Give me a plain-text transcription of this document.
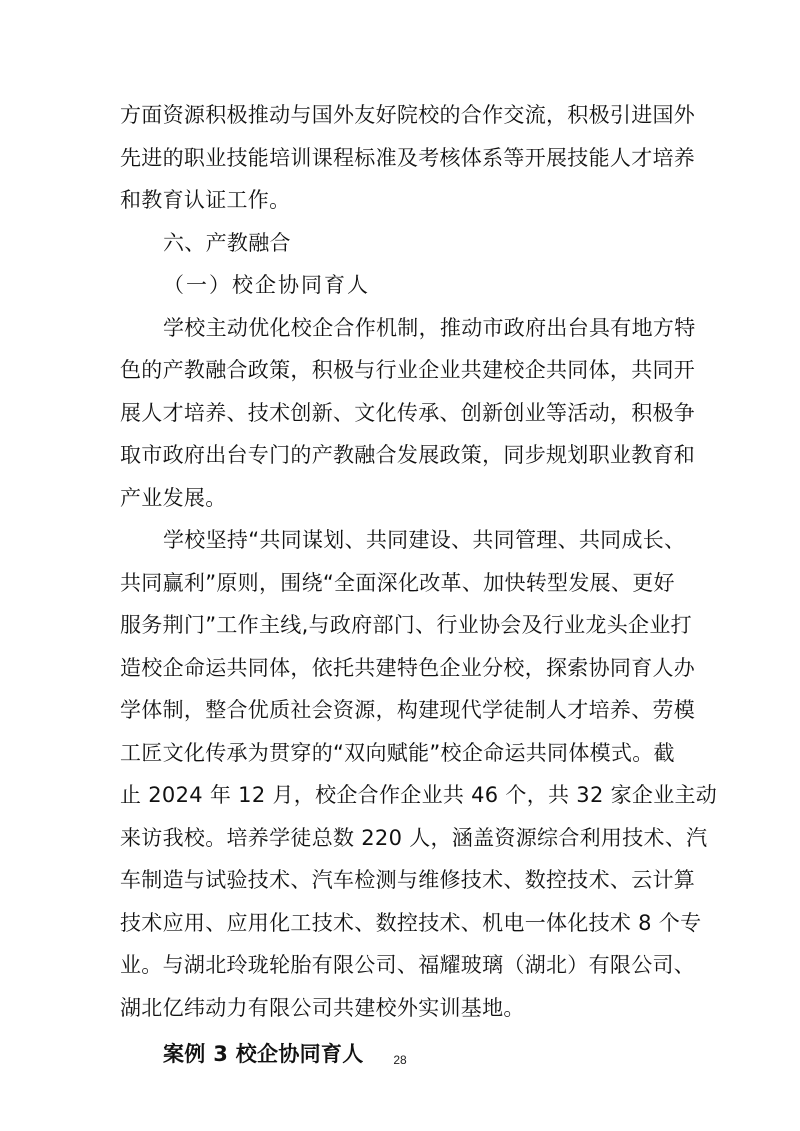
方面资源积极推动与国外友好院校的合作交流，积极引进国外
先进的职业技能培训课程标准及考核体系等开展技能人才培养
和教育认证工作。
六、产教融合
（一）校企协同育人
学校主动优化校企合作机制，推动市政府出台具有地方特
色的产教融合政策，积极与行业企业共建校企共同体，共同开
展人才培养、技术创新、文化传承、创新创业等活动，积极争
取市政府出台专门的产教融合发展政策，同步规划职业教育和
产业发展。
学校坚持“共同谋划、共同建设、共同管理、共同成长、
共同赢利”原则，围绕“全面深化改革、加快转型发展、更好
服务荆门”工作主线,与政府部门、行业协会及行业龙头企业打
造校企命运共同体，依托共建特色企业分校，探索协同育人办
学体制，整合优质社会资源，构建现代学徒制人才培养、劳模
工匠文化传承为贯穿的“双向赋能”校企命运共同体模式。截
止 2024 年 12 月，校企合作企业共 46 个，共 32 家企业主动
来访我校。培养学徒总数 220 人，涵盖资源综合利用技术、汽
车制造与试验技术、汽车检测与维修技术、数控技术、云计算
技术应用、应用化工技术、数控技术、机电一体化技术 8 个专
业。与湖北玲珑轮胎有限公司、福耀玻璃（湖北）有限公司、
湖北亿纬动力有限公司共建校外实训基地。
案例 3 校企协同育人	28
